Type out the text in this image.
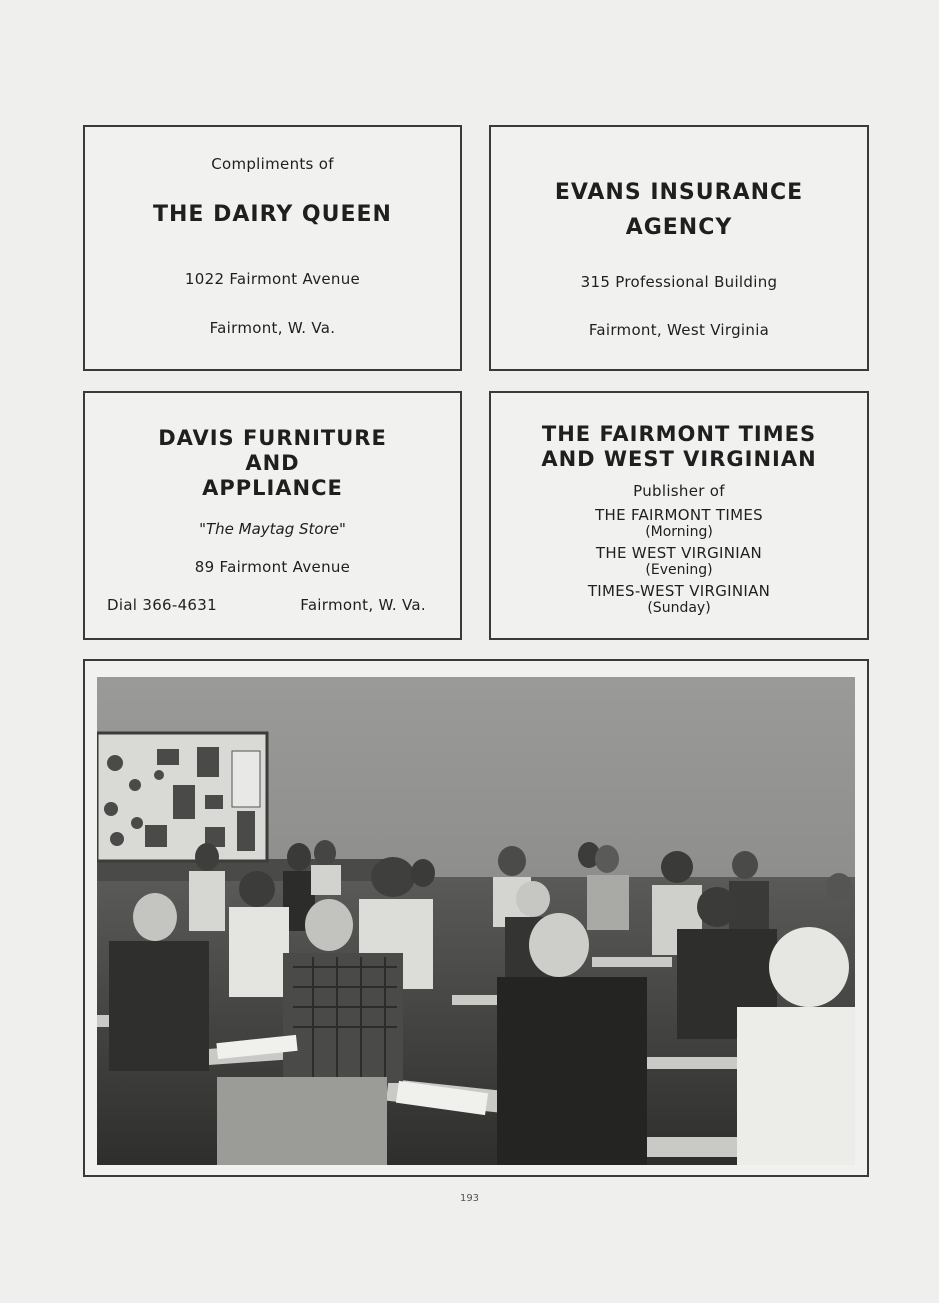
Compliments of
THE DAIRY QUEEN
1022 Fairmont Avenue
Fairmont, W. Va.
EVANS INSURANCE
AGENCY
315 Professional Building
Fairmont, West Virginia
DAVIS FURNITURE
AND
APPLIANCE
"The Maytag Store"
89 Fairmont Avenue
Dial 366-4631	Fairmont, W. Va.
THE FAIRMONT TIMES
AND WEST VIRGINIAN
Publisher of
THE FAIRMONT TIMES
(Morning)
THE WEST VIRGINIAN
(Evening)
TIMES-WEST VIRGINIAN
(Sunday)
193
